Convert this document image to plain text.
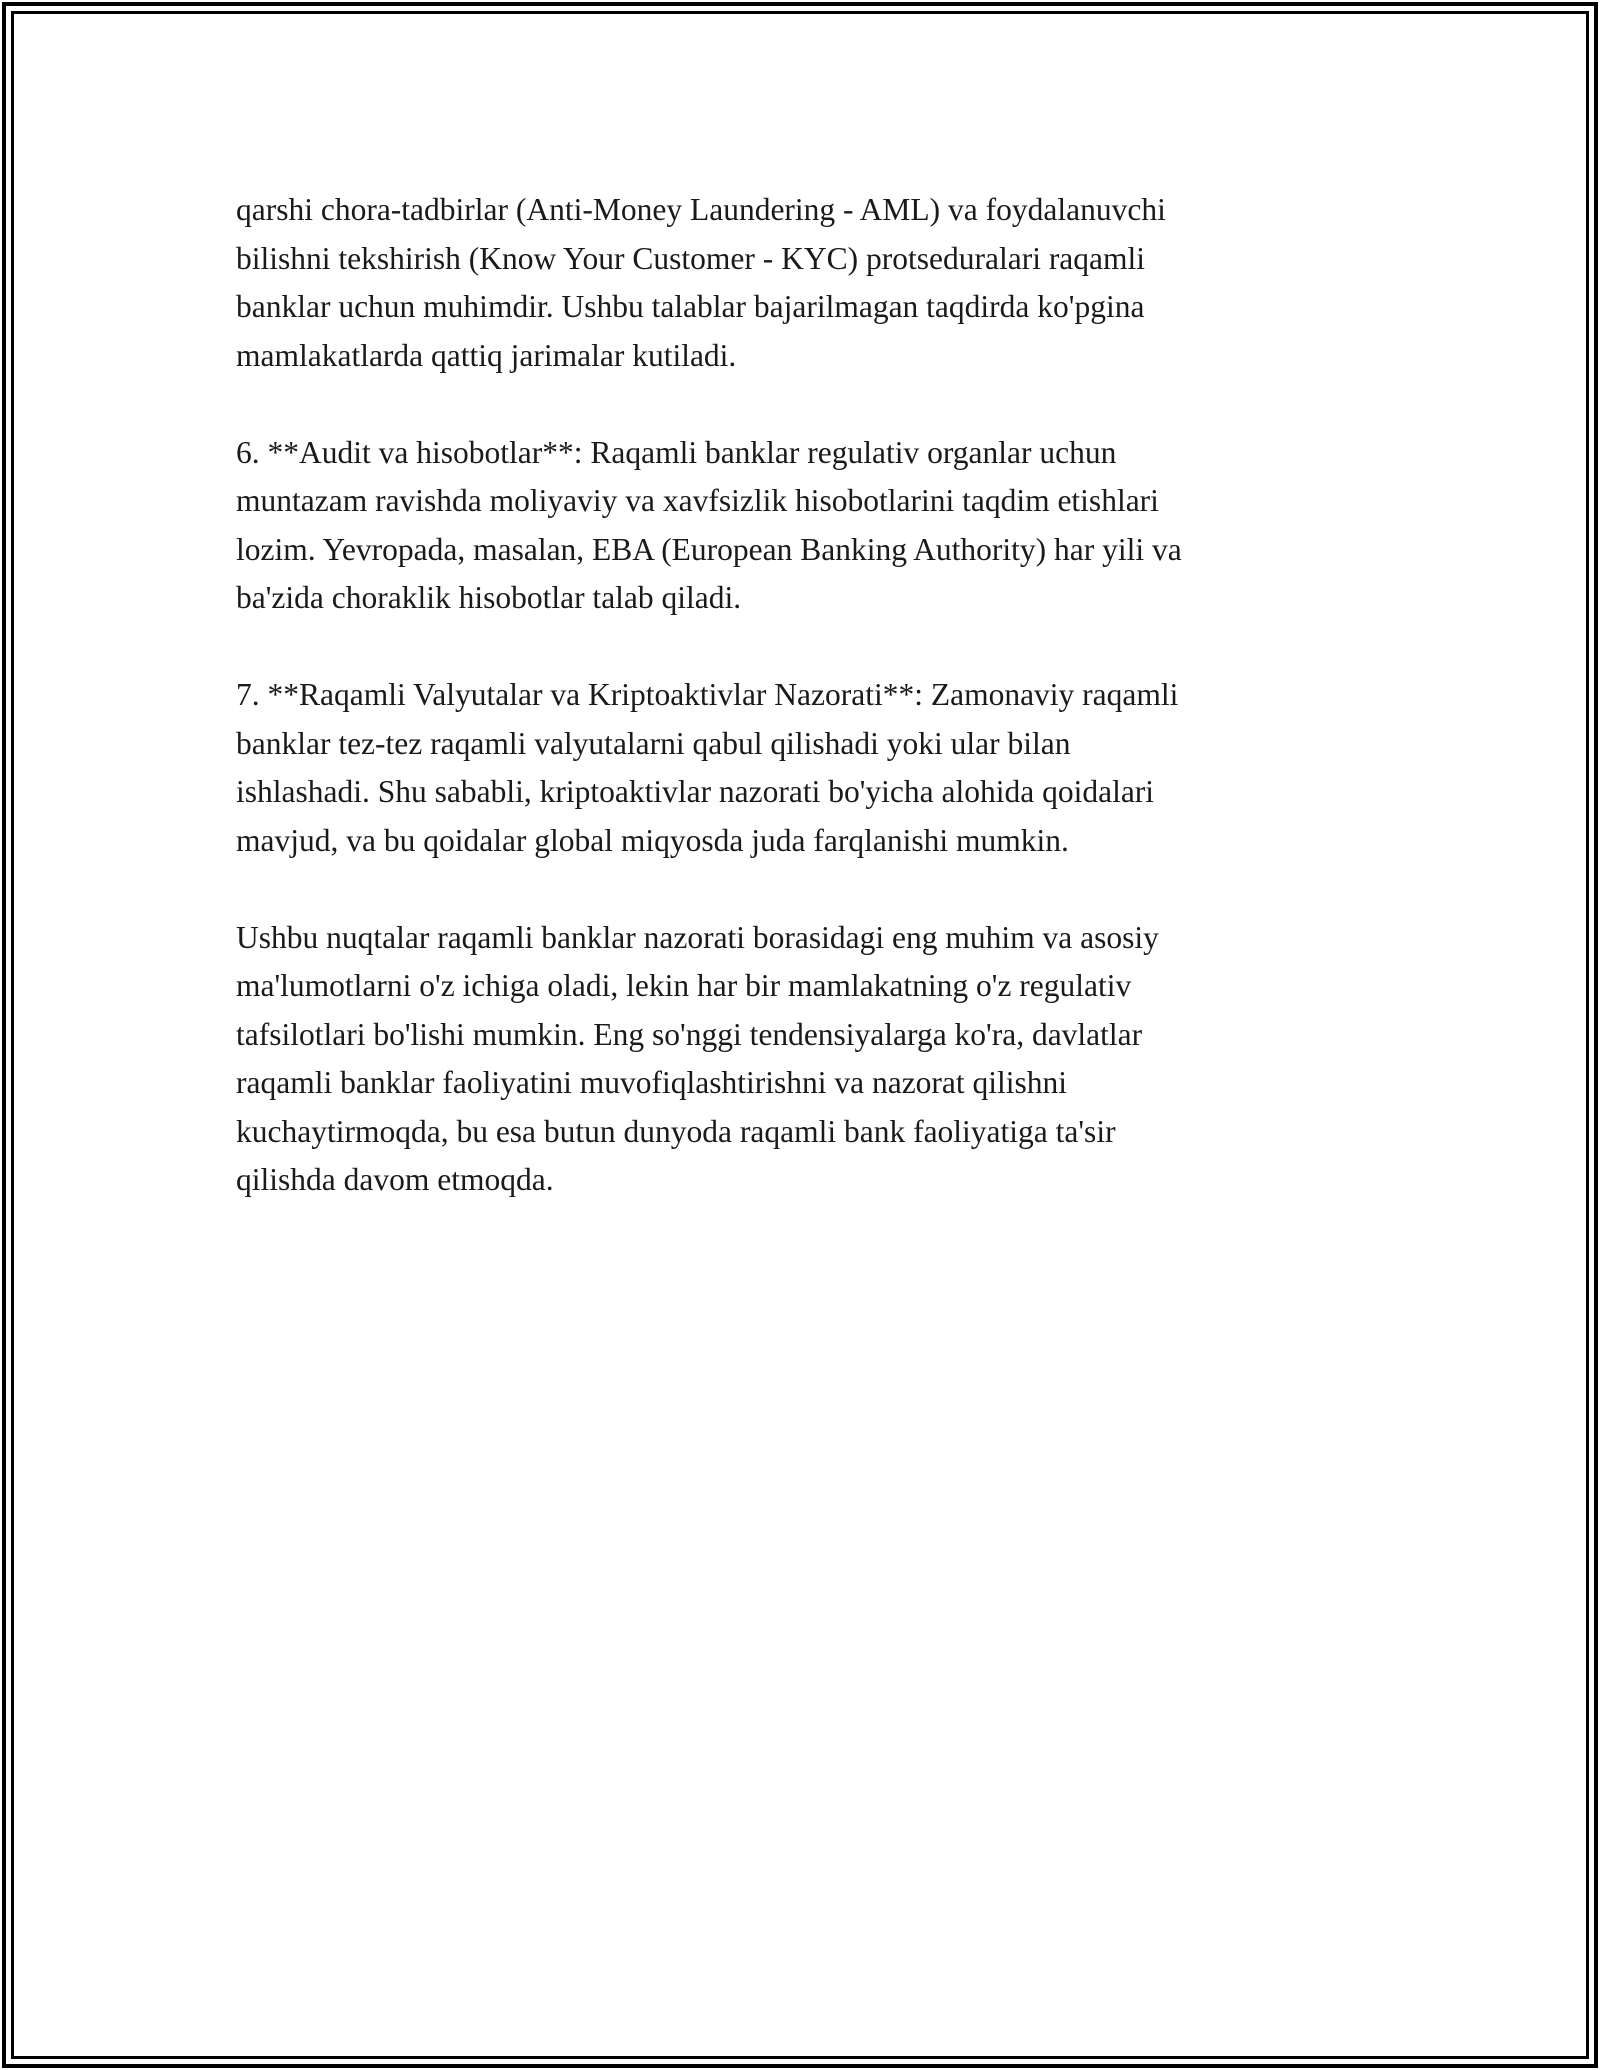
qarshi chora-tadbirlar (Anti-Money Laundering - AML) va foydalanuvchi
bilishni tekshirish (Know Your Customer - KYC) protseduralari raqamli
banklar uchun muhimdir. Ushbu talablar bajarilmagan taqdirda ko'pgina
mamlakatlarda qattiq jarimalar kutiladi.

6. **Audit va hisobotlar**: Raqamli banklar regulativ organlar uchun
muntazam ravishda moliyaviy va xavfsizlik hisobotlarini taqdim etishlari
lozim. Yevropada, masalan, EBA (European Banking Authority) har yili va
ba'zida choraklik hisobotlar talab qiladi.

7. **Raqamli Valyutalar va Kriptoaktivlar Nazorati**: Zamonaviy raqamli
banklar tez-tez raqamli valyutalarni qabul qilishadi yoki ular bilan
ishlashadi. Shu sababli, kriptoaktivlar nazorati bo'yicha alohida qoidalari
mavjud, va bu qoidalar global miqyosda juda farqlanishi mumkin.

Ushbu nuqtalar raqamli banklar nazorati borasidagi eng muhim va asosiy
ma'lumotlarni o'z ichiga oladi, lekin har bir mamlakatning o'z regulativ
tafsilotlari bo'lishi mumkin. Eng so'nggi tendensiyalarga ko'ra, davlatlar
raqamli banklar faoliyatini muvofiqlashtirishni va nazorat qilishni
kuchaytirmoqda, bu esa butun dunyoda raqamli bank faoliyatiga ta'sir
qilishda davom etmoqda.
